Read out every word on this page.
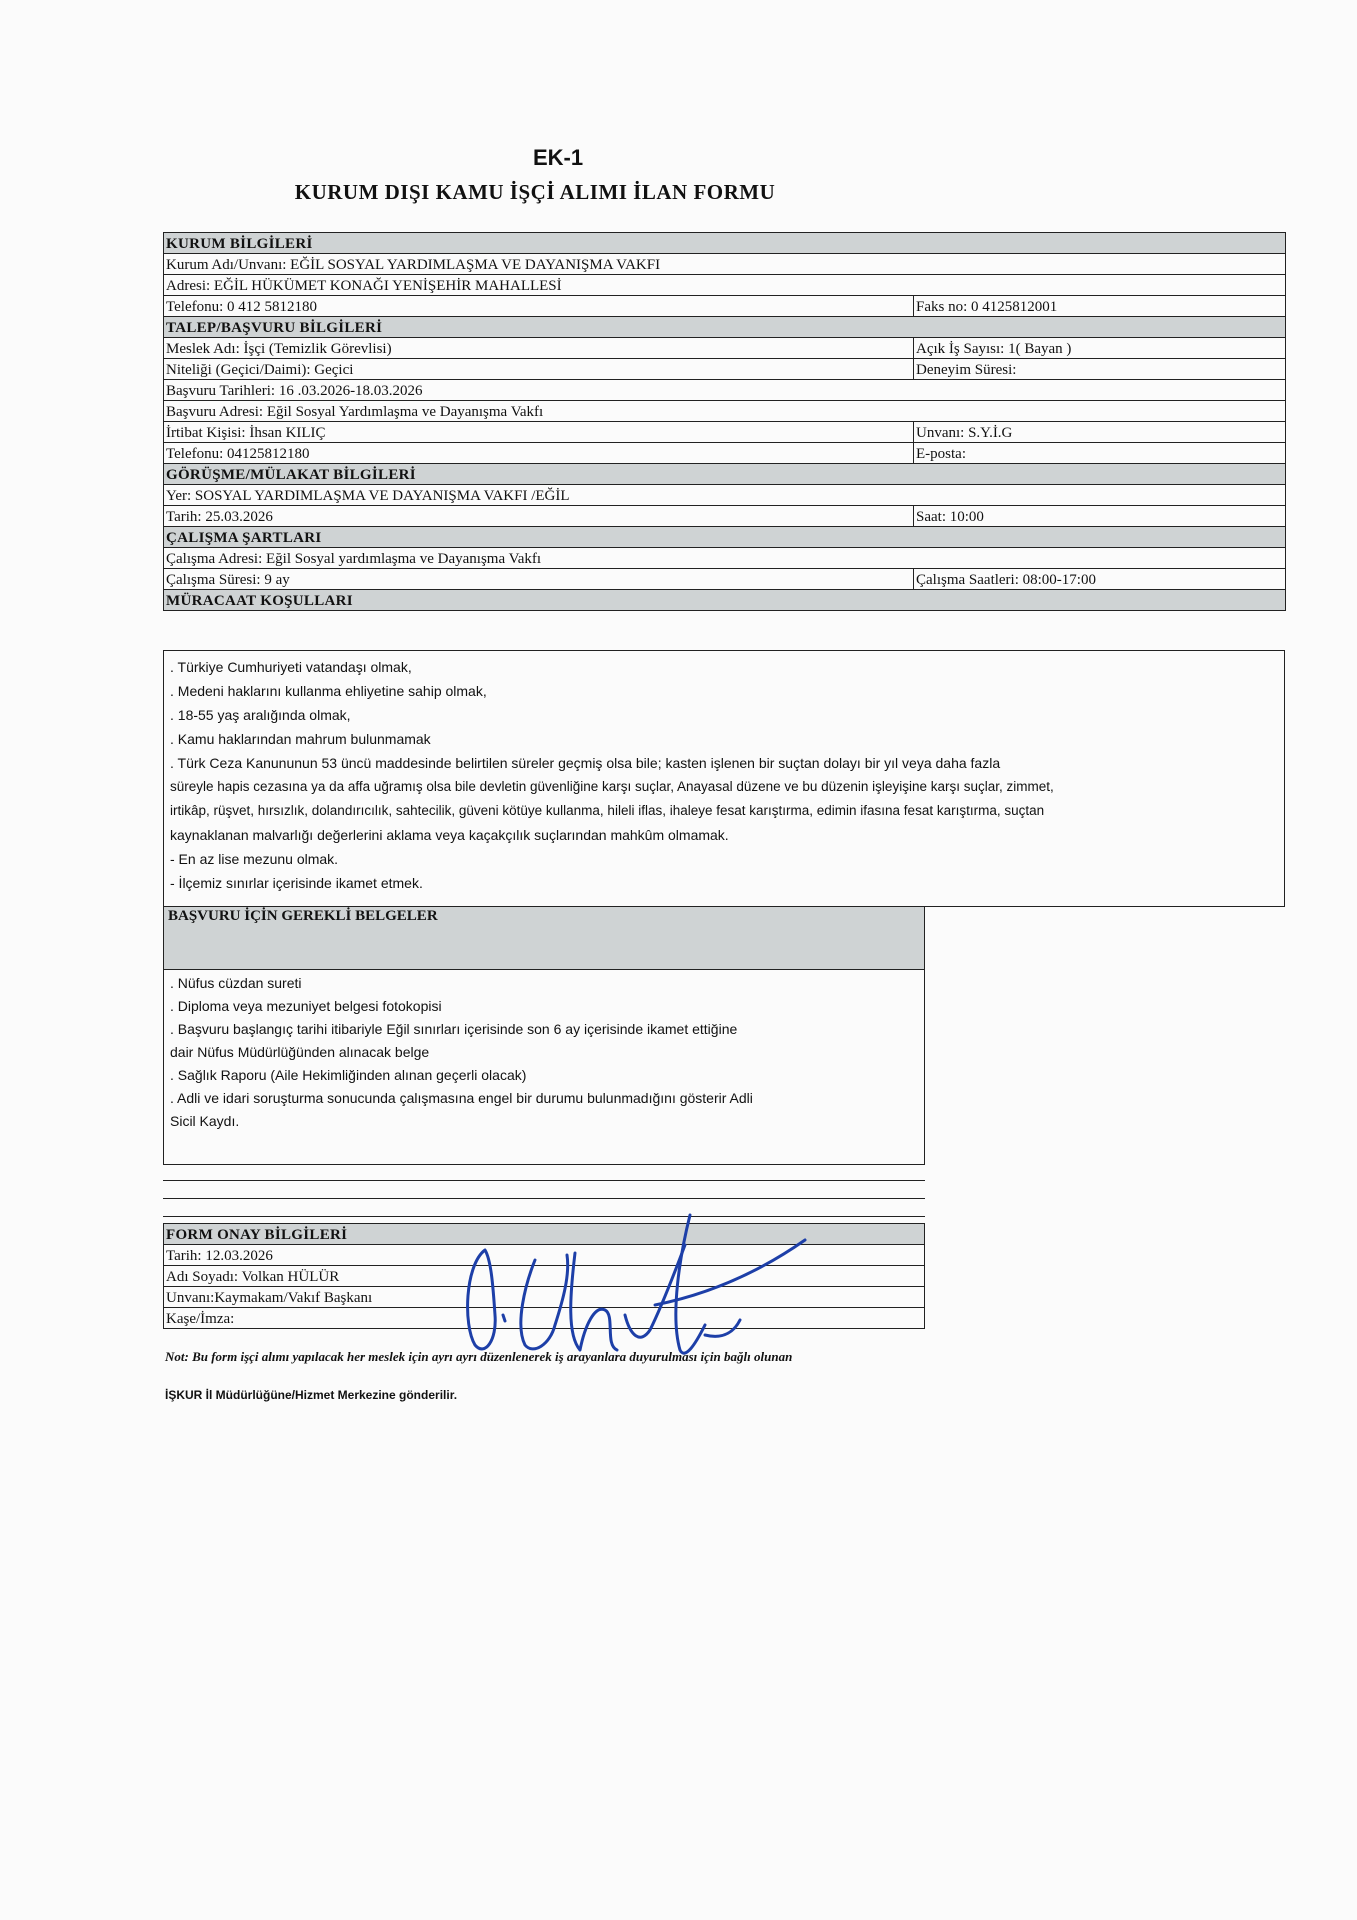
EK-1
KURUM DIŞI KAMU İŞÇİ ALIMI İLAN FORMU
KURUM BİLGİLERİ	
Kurum Adı/Unvanı: EĞİL SOSYAL YARDIMLAŞMA VE DAYANIŞMA VAKFI	
Adresi: EĞİL HÜKÜMET KONAĞI YENİŞEHİR MAHALLESİ	
Telefonu: 0 412 5812180	Faks no: 0 4125812001
TALEP/BAŞVURU BİLGİLERİ	
Meslek Adı: İşçi (Temizlik Görevlisi)	Açık İş Sayısı: 1( Bayan )
Niteliği (Geçici/Daimi): Geçici	Deneyim Süresi:
Başvuru Tarihleri: 16 .03.2026-18.03.2026	
Başvuru Adresi: Eğil Sosyal Yardımlaşma ve Dayanışma Vakfı	
İrtibat Kişisi: İhsan KILIÇ	Unvanı: S.Y.İ.G
Telefonu: 04125812180	E-posta:
GÖRÜŞME/MÜLAKAT BİLGİLERİ	
Yer: SOSYAL YARDIMLAŞMA VE DAYANIŞMA VAKFI /EĞİL	
Tarih: 25.03.2026	Saat: 10:00
ÇALIŞMA ŞARTLARI	
Çalışma Adresi: Eğil Sosyal yardımlaşma ve Dayanışma Vakfı	
Çalışma Süresi: 9 ay	Çalışma Saatleri: 08:00-17:00
MÜRACAAT KOŞULLARI	

. Türkiye Cumhuriyeti vatandaşı olmak,

. Medeni haklarını kullanma ehliyetine sahip olmak,

. 18-55 yaş aralığında olmak,

. Kamu haklarından mahrum bulunmamak

. Türk Ceza Kanununun 53 üncü maddesinde belirtilen süreler geçmiş olsa bile; kasten işlenen bir suçtan dolayı bir yıl veya daha fazla

süreyle hapis cezasına ya da affa uğramış olsa bile devletin güvenliğine karşı suçlar, Anayasal düzene ve bu düzenin işleyişine karşı suçlar, zimmet,

irtikâp, rüşvet, hırsızlık, dolandırıcılık, sahtecilik, güveni kötüye kullanma, hileli iflas, ihaleye fesat karıştırma, edimin ifasına fesat karıştırma, suçtan

kaynaklanan malvarlığı değerlerini aklama veya kaçakçılık suçlarından mahkûm olmamak.

- En az lise mezunu olmak.

- İlçemiz sınırlar içerisinde ikamet etmek.

BAŞVURU İÇİN GEREKLİ BELGELER

. Nüfus cüzdan sureti

. Diploma veya mezuniyet belgesi fotokopisi

. Başvuru başlangıç tarihi itibariyle Eğil sınırları içerisinde son 6 ay içerisinde ikamet ettiğine

dair Nüfus Müdürlüğünden alınacak belge

. Sağlık Raporu (Aile Hekimliğinden alınan geçerli olacak)

. Adli ve idari soruşturma sonucunda çalışmasına engel bir durumu bulunmadığını gösterir Adli

Sicil Kaydı.

FORM ONAY BİLGİLERİ
Tarih: 12.03.2026
Adı Soyadı: Volkan HÜLÜR
Unvanı:Kaymakam/Vakıf Başkanı
Kaşe/İmza:
Not: Bu form işçi alımı yapılacak her meslek için ayrı ayrı düzenlenerek iş arayanlara duyurulması için bağlı olunan
İŞKUR İl Müdürlüğüne/Hizmet Merkezine gönderilir.
